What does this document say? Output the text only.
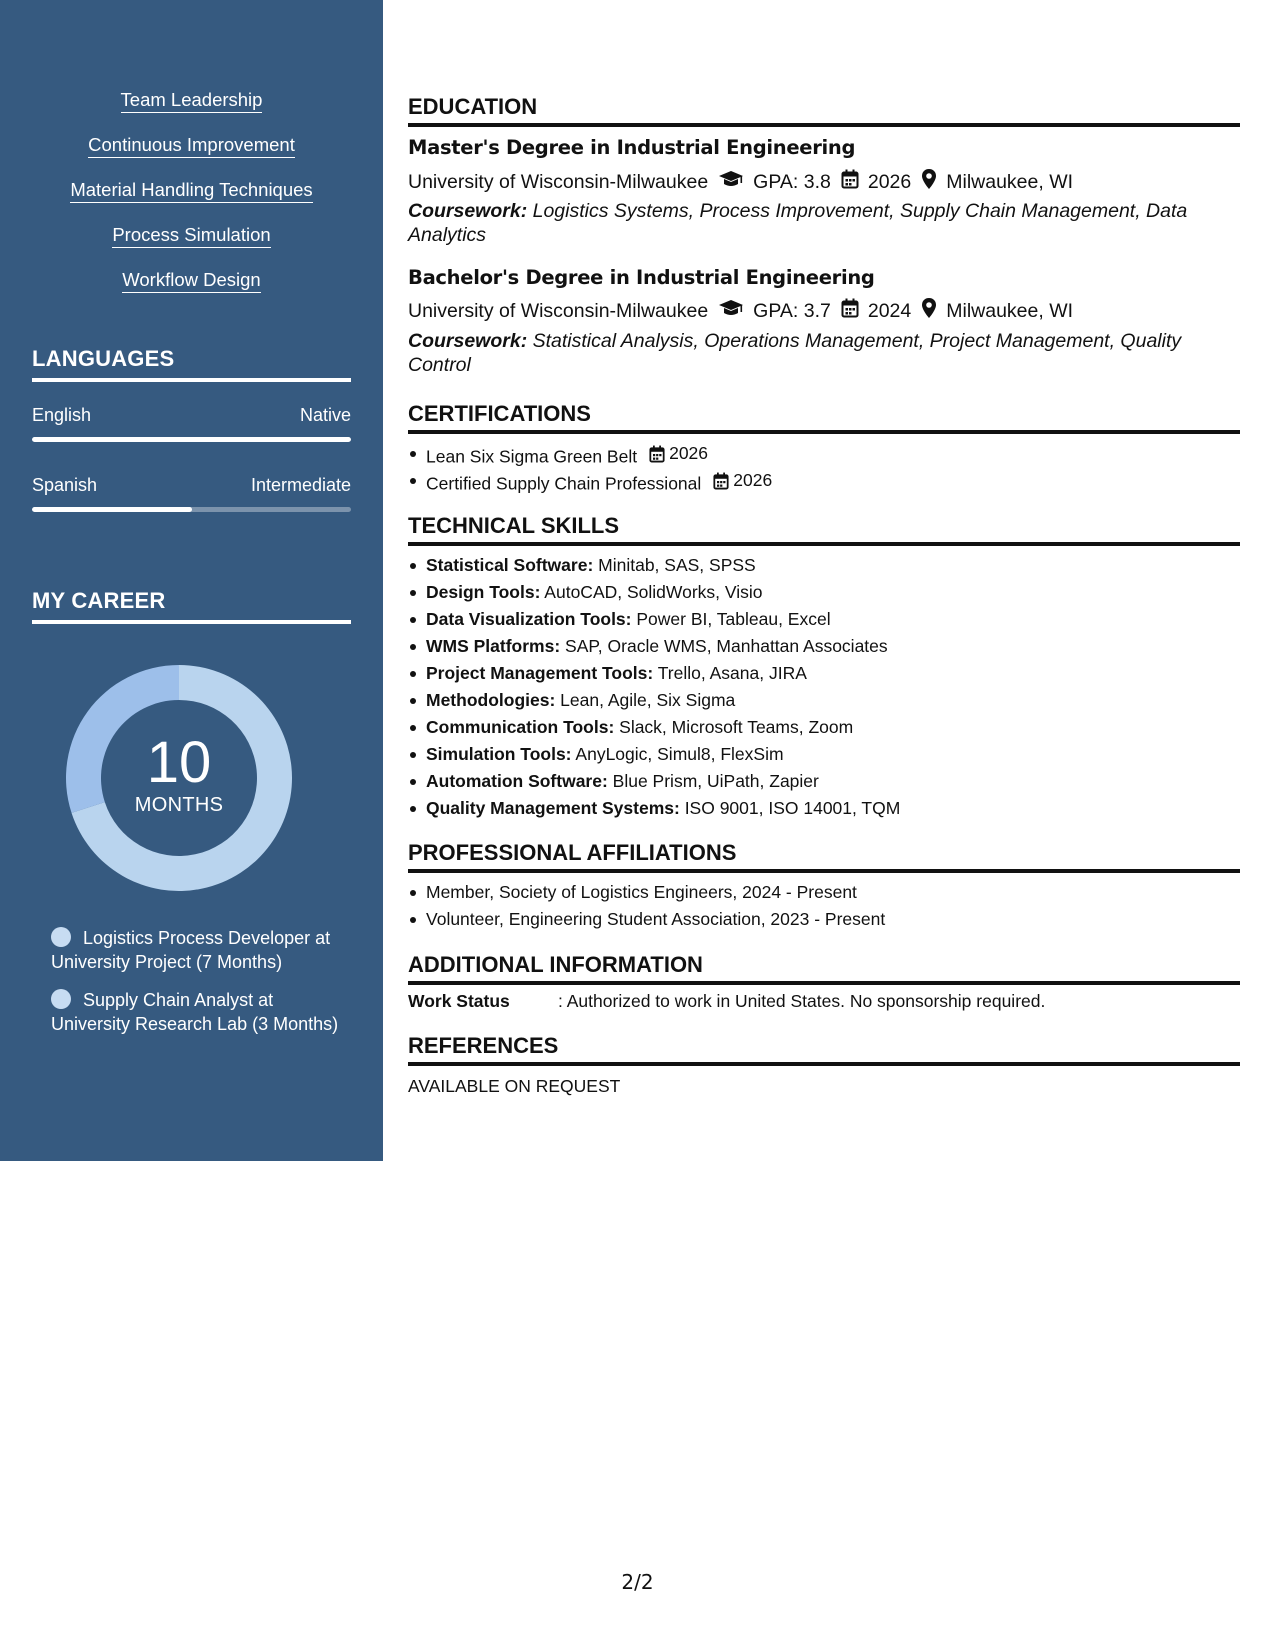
Team Leadership
Continuous Improvement
Material Handling Techniques
Process Simulation
Workflow Design
LANGUAGES
English	Native
Spanish	Intermediate
MY CAREER
10
MONTHS
Logistics Process Developer at University Project (7 Months)
Supply Chain Analyst at University Research Lab (3 Months)
EDUCATION
Master's Degree in Industrial Engineering
University of Wisconsin-Milwaukee GPA: 3.8 2026 Milwaukee, WI
Coursework: Logistics Systems, Process Improvement, Supply Chain Management, Data Analytics
Bachelor's Degree in Industrial Engineering
University of Wisconsin-Milwaukee GPA: 3.7 2024 Milwaukee, WI
Coursework: Statistical Analysis, Operations Management, Project Management, Quality Control
CERTIFICATIONS
Lean Six Sigma Green Belt 2026
Certified Supply Chain Professional 2026
TECHNICAL SKILLS
Statistical Software: Minitab, SAS, SPSS
Design Tools: AutoCAD, SolidWorks, Visio
Data Visualization Tools: Power BI, Tableau, Excel
WMS Platforms: SAP, Oracle WMS, Manhattan Associates
Project Management Tools: Trello, Asana, JIRA
Methodologies: Lean, Agile, Six Sigma
Communication Tools: Slack, Microsoft Teams, Zoom
Simulation Tools: AnyLogic, Simul8, FlexSim
Automation Software: Blue Prism, UiPath, Zapier
Quality Management Systems: ISO 9001, ISO 14001, TQM
PROFESSIONAL AFFILIATIONS
Member, Society of Logistics Engineers, 2024 - Present
Volunteer, Engineering Student Association, 2023 - Present
ADDITIONAL INFORMATION
Work Status	: Authorized to work in United States. No sponsorship required.
REFERENCES
AVAILABLE ON REQUEST
2/2
